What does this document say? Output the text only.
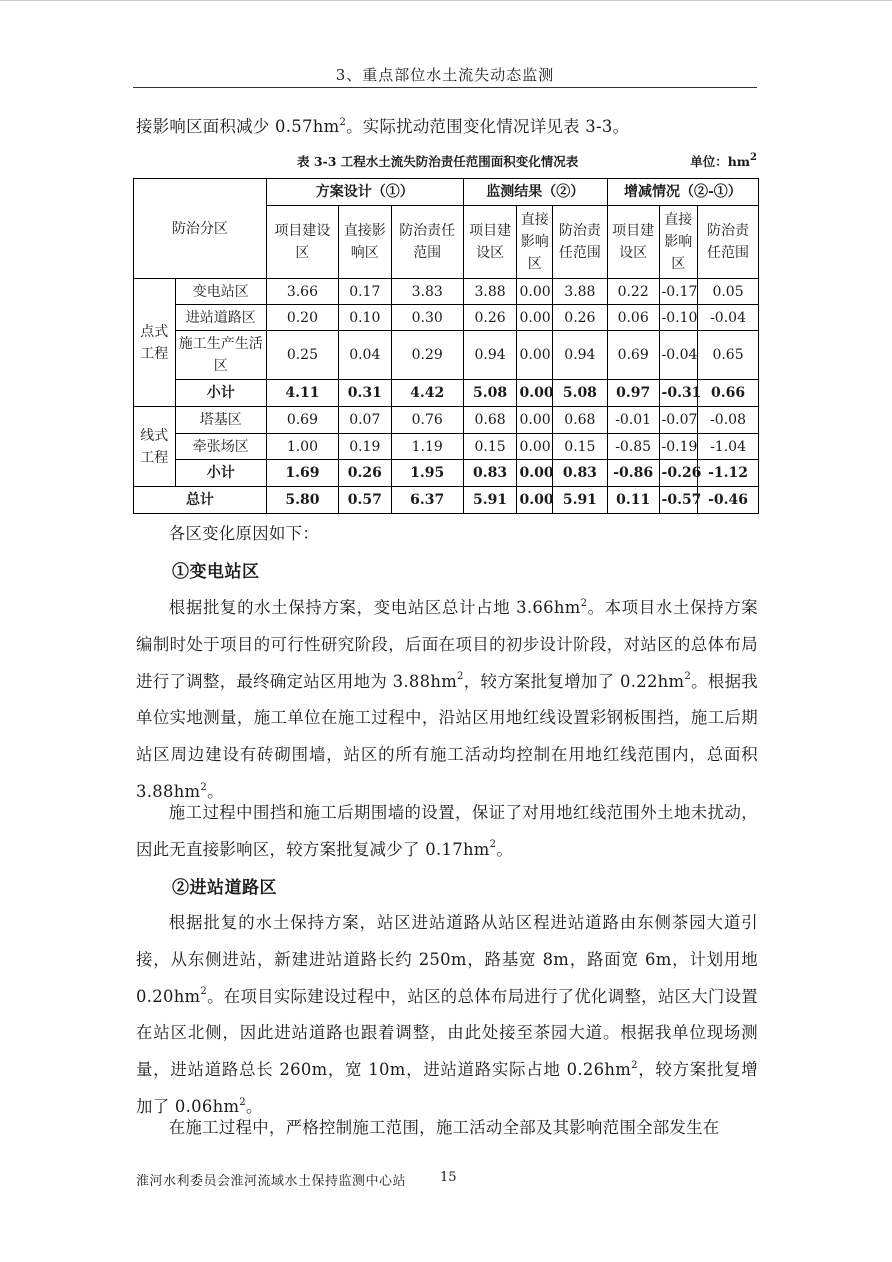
3、重点部位水土流失动态监测

接影响区面积减少 $0.57hm^2$。实际扰动范围变化情况详见表 3-3。

表 3-3 工程水土流失防治责任范围面积变化情况表	单位：$hm^2$
防治分区		方案设计（①）			监测结果（②）			增减情况（②-①）		
		项目建设区	直接影响区	防治责任范围	项目建设区	直接影响区	防治责任范围	项目建设区	直接影响区	防治责任范围
点式工程	变电站区	3.66	0.17	3.83	3.88	0.00	3.88	0.22	-0.17	0.05
	进站道路区	0.20	0.10	0.30	0.26	0.00	0.26	0.06	-0.10	-0.04
	施工生产生活区	0.25	0.04	0.29	0.94	0.00	0.94	0.69	-0.04	0.65
	小计	4.11	0.31	4.42	5.08	0.00	5.08	0.97	-0.31	0.66
线式工程	塔基区	0.69	0.07	0.76	0.68	0.00	0.68	-0.01	-0.07	-0.08
	牵张场区	1.00	0.19	1.19	0.15	0.00	0.15	-0.85	-0.19	-1.04
	小计	1.69	0.26	1.95	0.83	0.00	0.83	-0.86	-0.26	-1.12
总计		5.80	0.57	6.37	5.91	0.00	5.91	0.11	-0.57	-0.46

各区变化原因如下：

①变电站区

根据批复的水土保持方案，变电站区总计占地 $3.66hm^2$。本项目水土保持方案编制时处于项目的可行性研究阶段，后面在项目的初步设计阶段，对站区的总体布局进行了调整，最终确定站区用地为 $3.88hm^2$，较方案批复增加了 $0.22hm^2$。根据我单位实地测量，施工单位在施工过程中，沿站区用地红线设置彩钢板围挡，施工后期站区周边建设有砖砌围墙，站区的所有施工活动均控制在用地红线范围内，总面积 $3.88hm^2$。

施工过程中围挡和施工后期围墙的设置，保证了对用地红线范围外土地未扰动，因此无直接影响区，较方案批复减少了 $0.17hm^2$。

②进站道路区

根据批复的水土保持方案，站区进站道路从站区程进站道路由东侧茶园大道引接，从东侧进站，新建进站道路长约 250m，路基宽 8m，路面宽 6m，计划用地 $0.20hm^2$。在项目实际建设过程中，站区的总体布局进行了优化调整，站区大门设置在站区北侧，因此进站道路也跟着调整，由此处接至茶园大道。根据我单位现场测量，进站道路总长 260m，宽 10m，进站道路实际占地 $0.26hm^2$，较方案批复增加了 $0.06hm^2$。

在施工过程中，严格控制施工范围，施工活动全部及其影响范围全部发生在

淮河水利委员会淮河流域水土保持监测中心站	15
